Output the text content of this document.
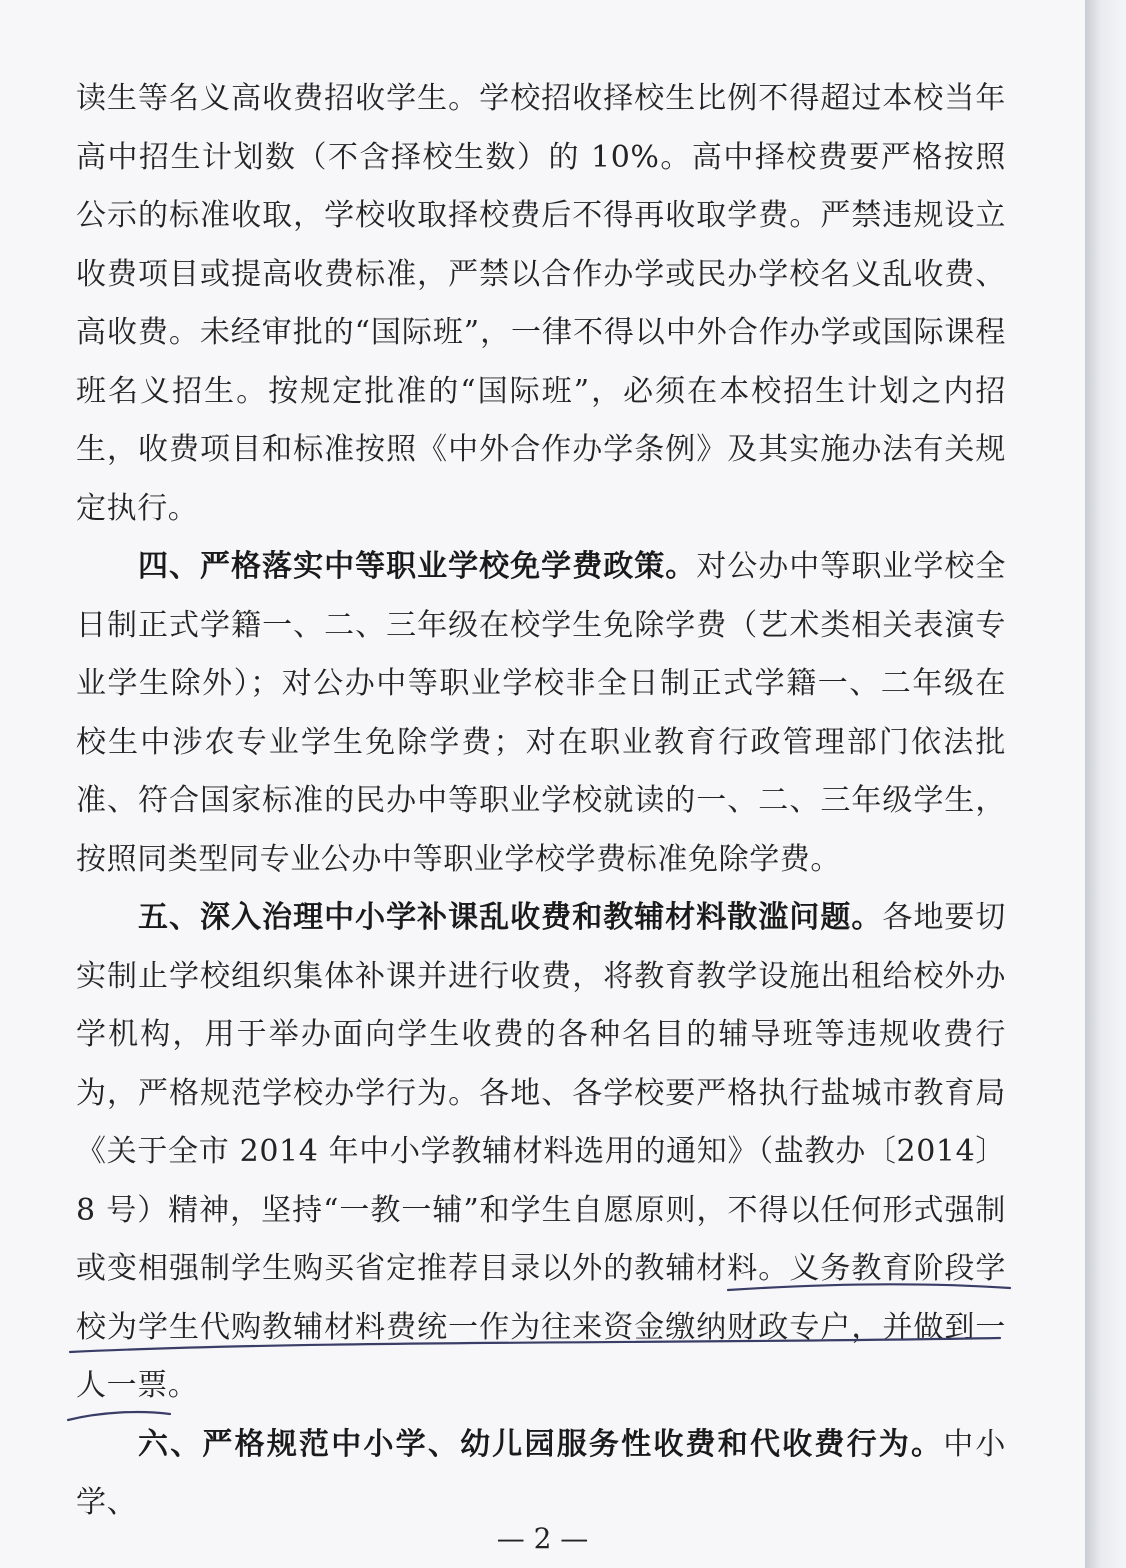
读生等名义高收费招收学生。学校招收择校生比例不得超过本校当年高中招生计划数（不含择校生数）的 10%。高中择校费要严格按照公示的标准收取，学校收取择校费后不得再收取学费。严禁违规设立收费项目或提高收费标准，严禁以合作办学或民办学校名义乱收费、高收费。未经审批的“国际班”，一律不得以中外合作办学或国际课程班名义招生。按规定批准的“国际班”，必须在本校招生计划之内招生，收费项目和标准按照《中外合作办学条例》及其实施办法有关规定执行。

四、严格落实中等职业学校免学费政策。对公办中等职业学校全日制正式学籍一、二、三年级在校学生免除学费（艺术类相关表演专业学生除外）；对公办中等职业学校非全日制正式学籍一、二年级在校生中涉农专业学生免除学费；对在职业教育行政管理部门依法批准、符合国家标准的民办中等职业学校就读的一、二、三年级学生，按照同类型同专业公办中等职业学校学费标准免除学费。

五、深入治理中小学补课乱收费和教辅材料散滥问题。各地要切实制止学校组织集体补课并进行收费，将教育教学设施出租给校外办学机构，用于举办面向学生收费的各种名目的辅导班等违规收费行为，严格规范学校办学行为。各地、各学校要严格执行盐城市教育局《关于全市 2014 年中小学教辅材料选用的通知》（盐教办〔2014〕8 号）精神，坚持“一教一辅”和学生自愿原则，不得以任何形式强制或变相强制学生购买省定推荐目录以外的教辅材料。义务教育阶段学校为学生代购教辅材料费统一作为往来资金缴纳财政专户，并做到一人一票。

六、严格规范中小学、幼儿园服务性收费和代收费行为。中小学、

— 2 —
